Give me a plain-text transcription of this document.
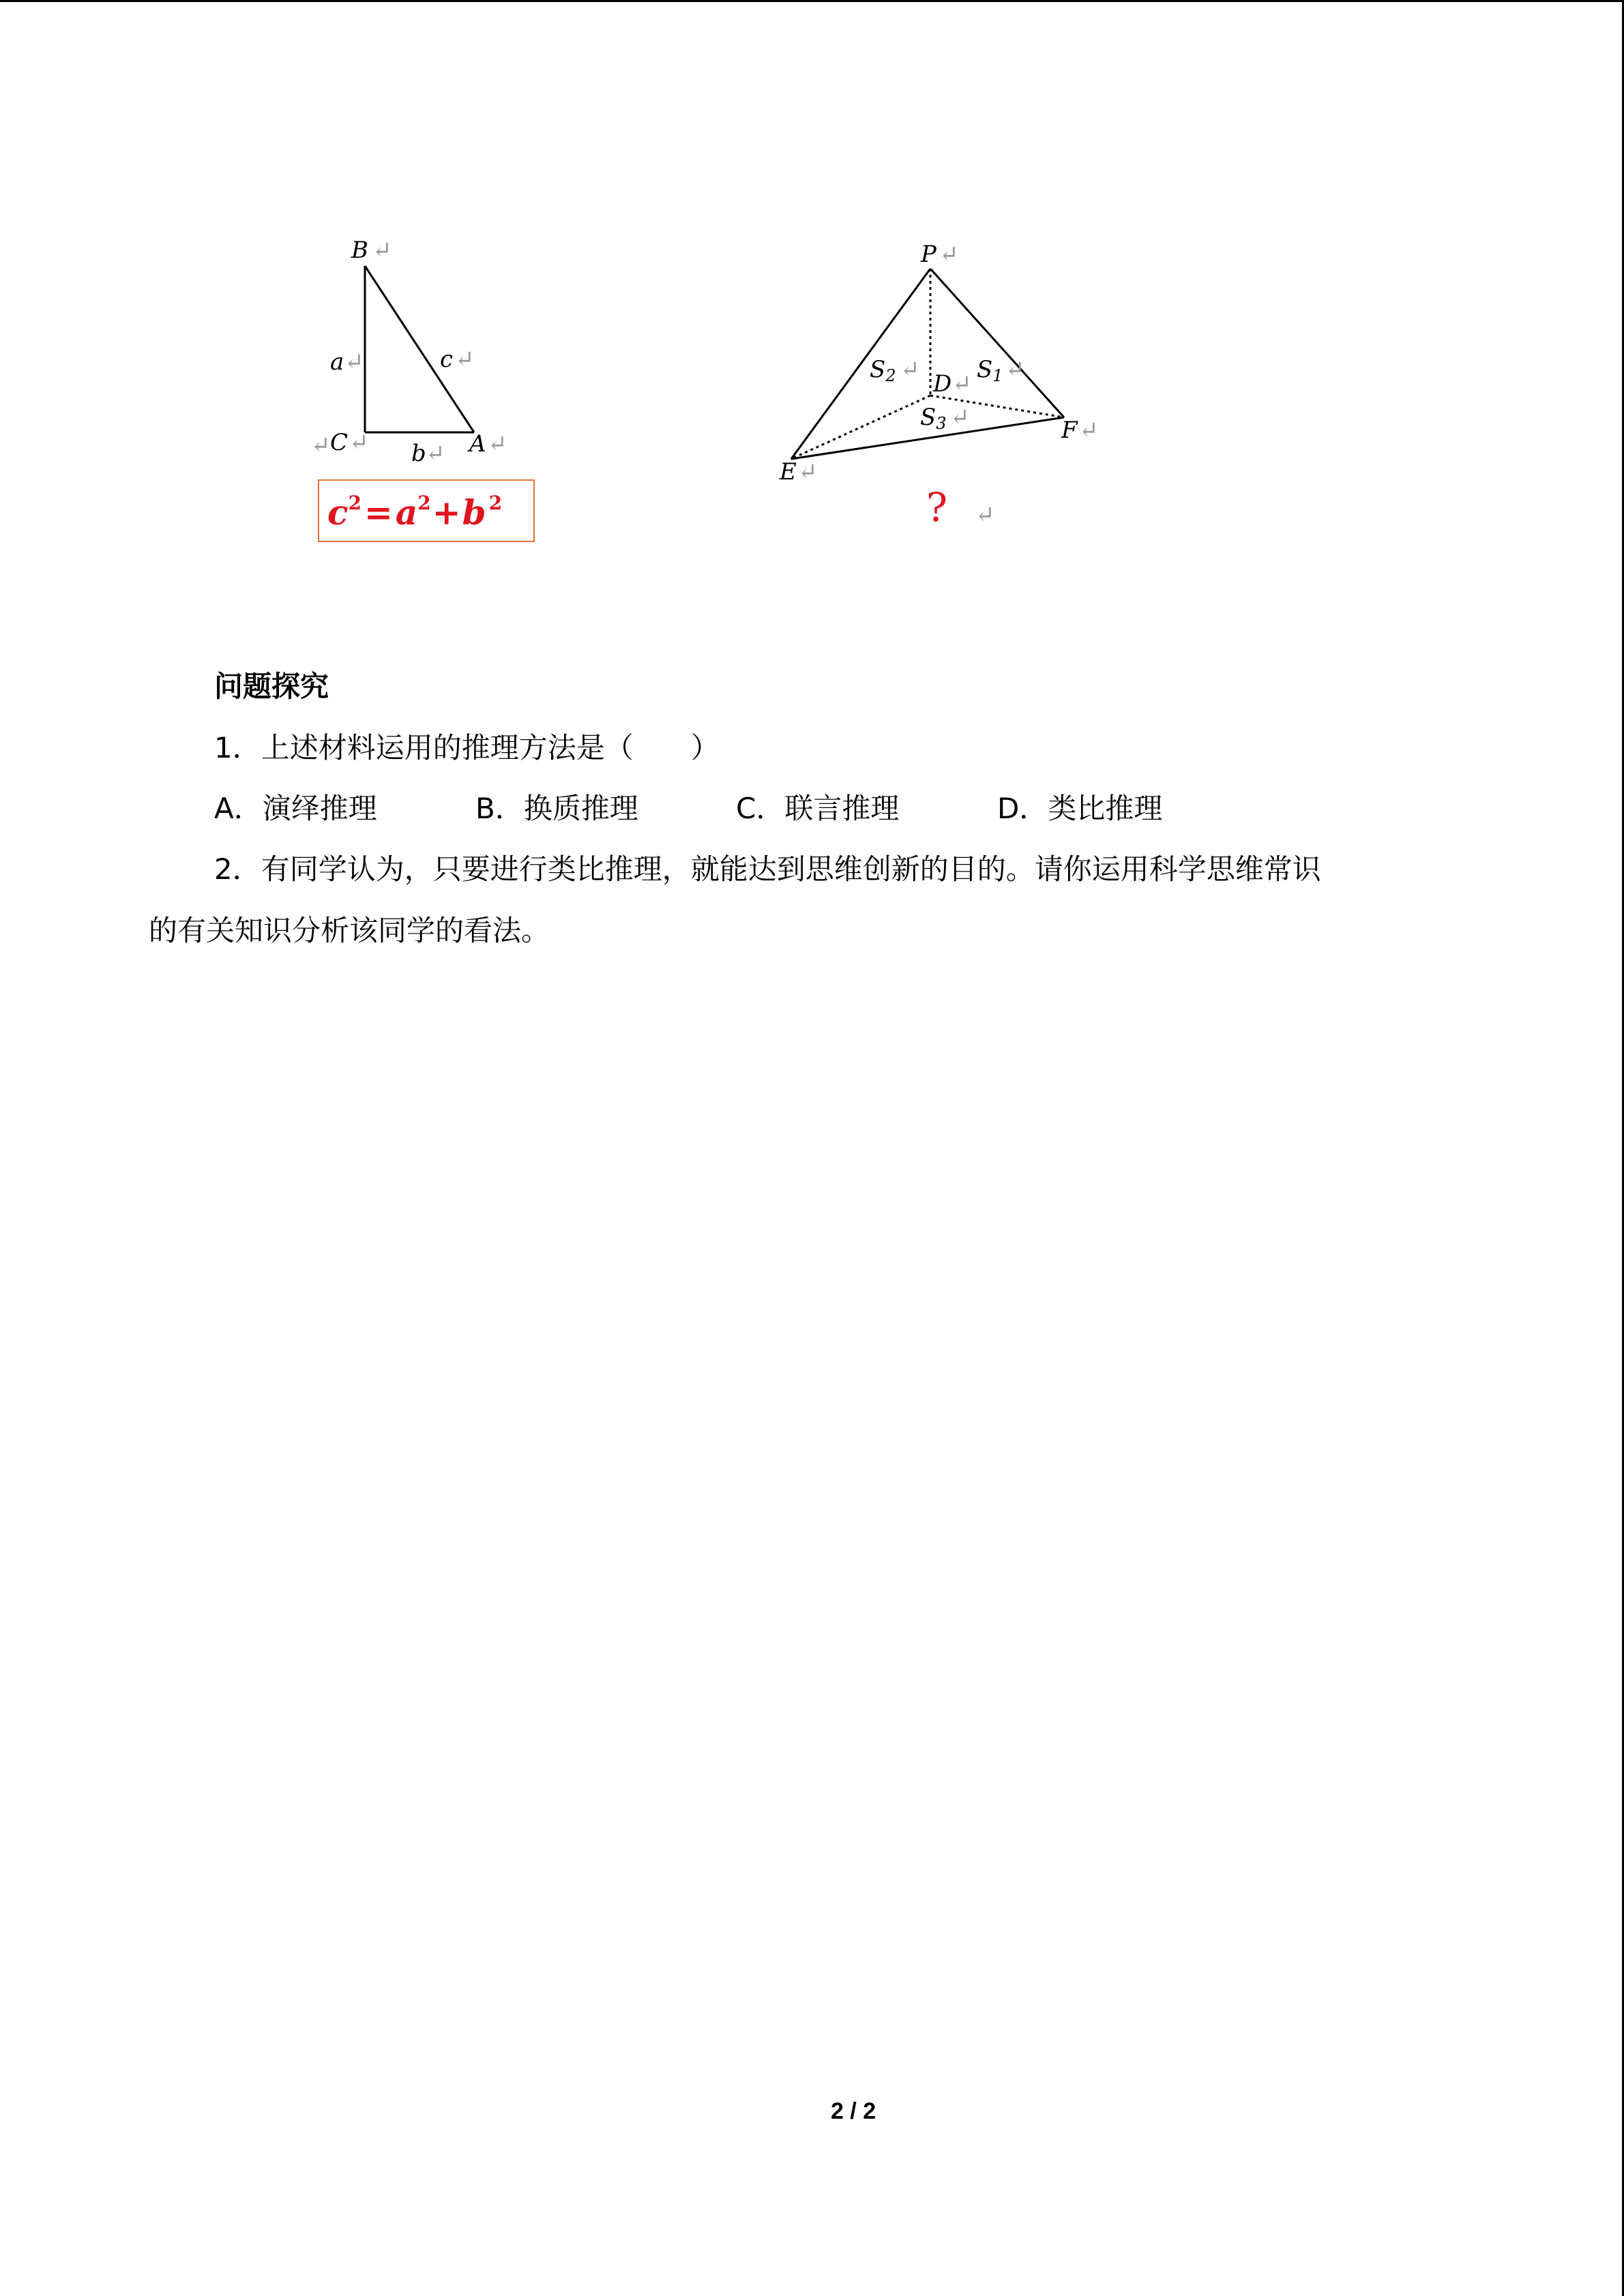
B ↵
a ↵	c ↵
↵ C ↵ b ↵ A ↵
P ↵
S2 ↵
D ↵
S1 ↵
S3 ↵	F ↵
E ↵
? ↵
$c^2=a^2+b$ $^2$
问题探究
1．上述材料运用的推理方法是（　　）
A．演绎推理	B．换质推理	C．联言推理	D．类比推理
2．有同学认为，只要进行类比推理，就能达到思维创新的目的。请你运用科学思维常识
的有关知识分析该同学的看法。
2 / 2
